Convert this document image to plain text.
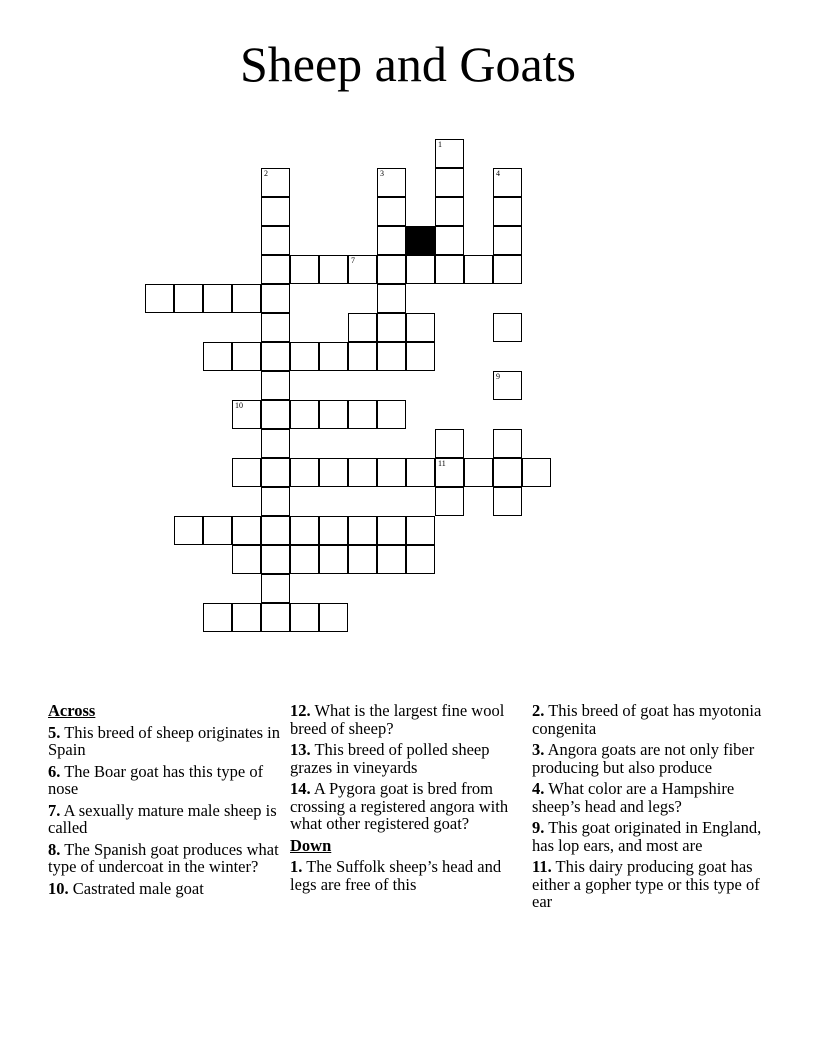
Sheep and Goats
7
10
11
1
2	3	4
9
Across
5. This breed of sheep originates in Spain
6. The Boar goat has this type of nose
7. A sexually mature male sheep is called
8. The Spanish goat produces what type of undercoat in the winter?
10. Castrated male goat
12. What is the largest fine wool breed of sheep?
13. This breed of polled sheep grazes in vineyards
14. A Pygora goat is bred from crossing a registered angora with what other registered goat?
Down
1. The Suffolk sheep’s head and legs are free of this
2. This breed of goat has myotonia congenita
3. Angora goats are not only fiber producing but also produce
4. What color are a Hampshire sheep’s head and legs?
9. This goat originated in England, has lop ears, and most are
11. This dairy producing goat has either a gopher type or this type of ear
